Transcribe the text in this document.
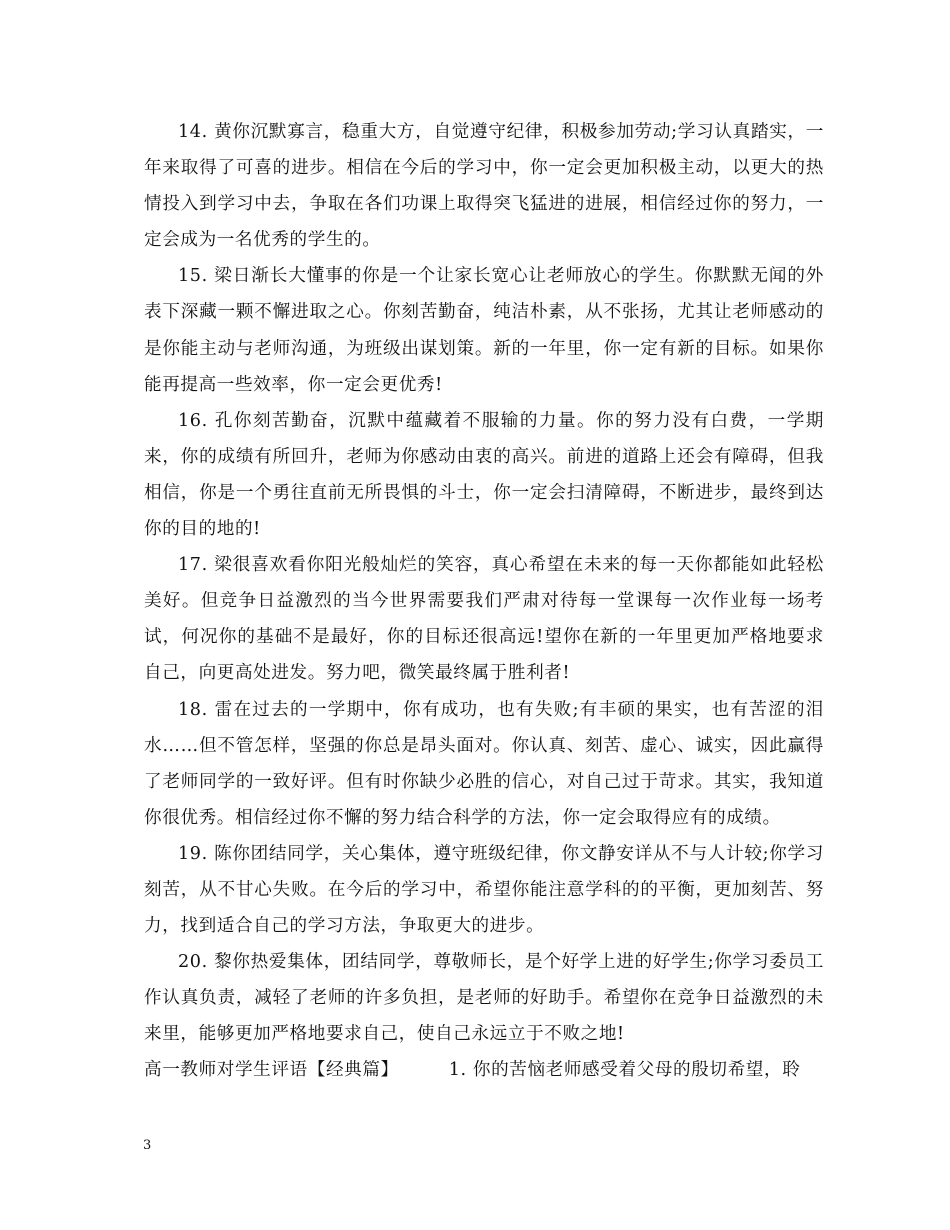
14. 黄你沉默寡言，稳重大方，自觉遵守纪律，积极参加劳动;学习认真踏实，一年来取得了可喜的进步。相信在今后的学习中，你一定会更加积极主动，以更大的热情投入到学习中去，争取在各们功课上取得突飞猛进的进展，相信经过你的努力，一定会成为一名优秀的学生的。

15. 梁日渐长大懂事的你是一个让家长宽心让老师放心的学生。你默默无闻的外表下深藏一颗不懈进取之心。你刻苦勤奋，纯洁朴素，从不张扬，尤其让老师感动的是你能主动与老师沟通，为班级出谋划策。新的一年里，你一定有新的目标。如果你能再提高一些效率，你一定会更优秀!

16. 孔你刻苦勤奋，沉默中蕴藏着不服输的力量。你的努力没有白费，一学期来，你的成绩有所回升，老师为你感动由衷的高兴。前进的道路上还会有障碍，但我相信，你是一个勇往直前无所畏惧的斗士，你一定会扫清障碍，不断进步，最终到达你的目的地的!

17. 梁很喜欢看你阳光般灿烂的笑容，真心希望在未来的每一天你都能如此轻松美好。但竞争日益激烈的当今世界需要我们严肃对待每一堂课每一次作业每一场考试，何况你的基础不是最好，你的目标还很高远!望你在新的一年里更加严格地要求自己，向更高处进发。努力吧，微笑最终属于胜利者!

18. 雷在过去的一学期中，你有成功，也有失败;有丰硕的果实，也有苦涩的泪水……但不管怎样，坚强的你总是昂头面对。你认真、刻苦、虚心、诚实，因此赢得了老师同学的一致好评。但有时你缺少必胜的信心，对自己过于苛求。其实，我知道你很优秀。相信经过你不懈的努力结合科学的方法，你一定会取得应有的成绩。

19. 陈你团结同学，关心集体，遵守班级纪律，你文静安详从不与人计较;你学习刻苦，从不甘心失败。在今后的学习中，希望你能注意学科的的平衡，更加刻苦、努力，找到适合自己的学习方法，争取更大的进步。

20. 黎你热爱集体，团结同学，尊敬师长，是个好学上进的好学生;你学习委员工作认真负责，减轻了老师的许多负担，是老师的好助手。希望你在竞争日益激烈的未来里，能够更加严格地要求自己，使自己永远立于不败之地!

高一教师对学生评语【经典篇】	1. 你的苦恼老师感受着父母的殷切希望，聆

3
